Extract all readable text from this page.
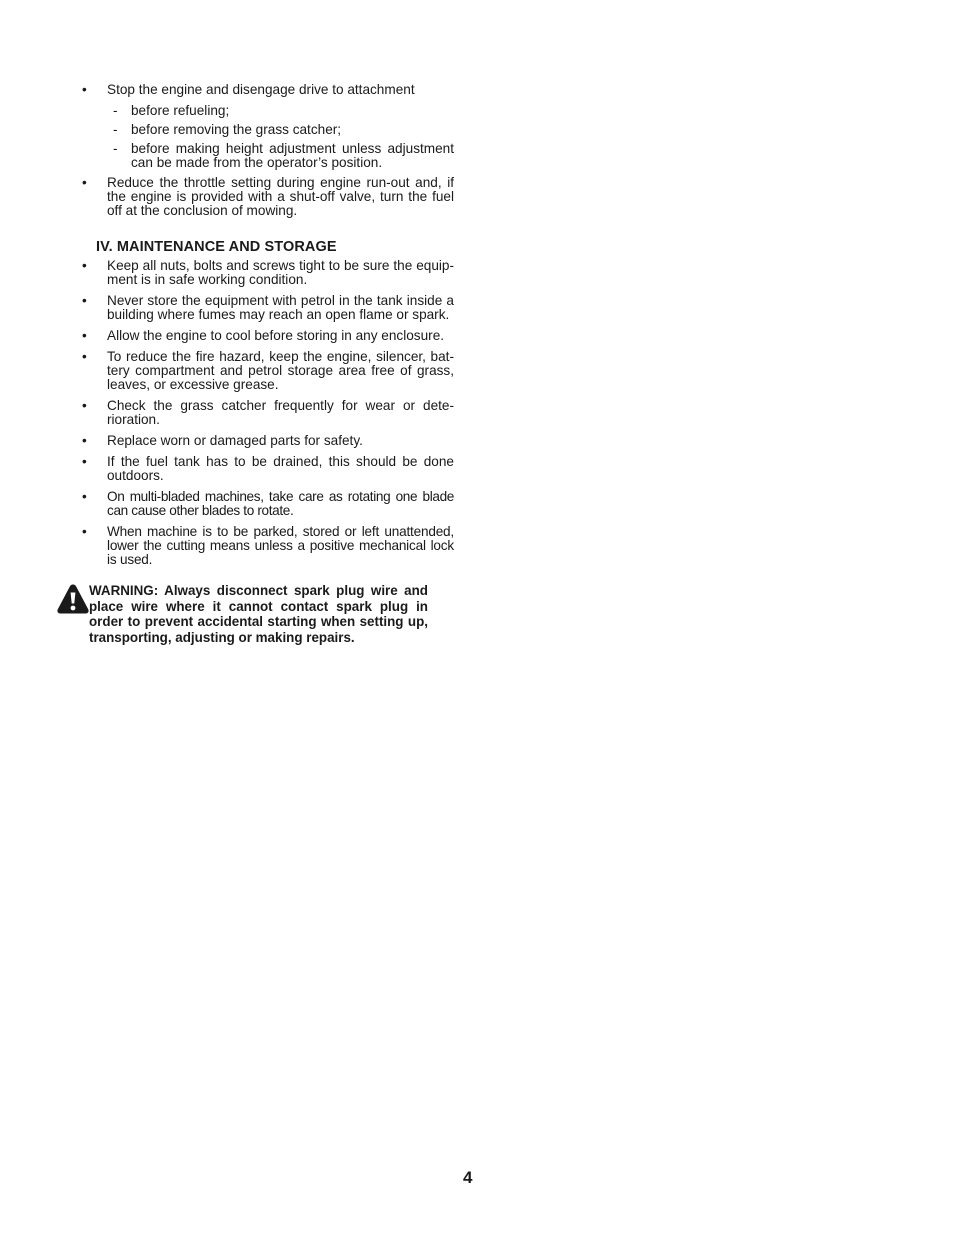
• Stop the engine and disengage drive to attachment
- before refueling;
- before removing the grass catcher;
- before making height adjustment unless adjustment can be made from the operator’s position.
• Reduce the throttle setting during engine run-out and, if the engine is provided with a shut-off valve, turn the fuel off at the conclusion of mowing.
IV. MAINTENANCE AND STORAGE
• Keep all nuts, bolts and screws tight to be sure the equip- ment is in safe working condition.
• Never store the equipment with petrol in the tank inside a building where fumes may reach an open flame or spark.
• Allow the engine to cool before storing in any enclosure.
• To reduce the fire hazard, keep the engine, silencer, bat- tery compartment and petrol storage area free of grass, leaves, or excessive grease.
• Check the grass catcher frequently for wear or dete- rioration.
• Replace worn or damaged parts for safety.
• If the fuel tank has to be drained, this should be done outdoors.
• On multi-bladed machines, take care as rotating one blade can cause other blades to rotate.
• When machine is to be parked, stored or left unattended, lower the cutting means unless a positive mechanical lock is used.
WARNING: Always disconnect spark plug wire and place wire where it cannot contact spark plug in order to prevent accidental starting when setting up, transporting, adjusting or making repairs.
4
